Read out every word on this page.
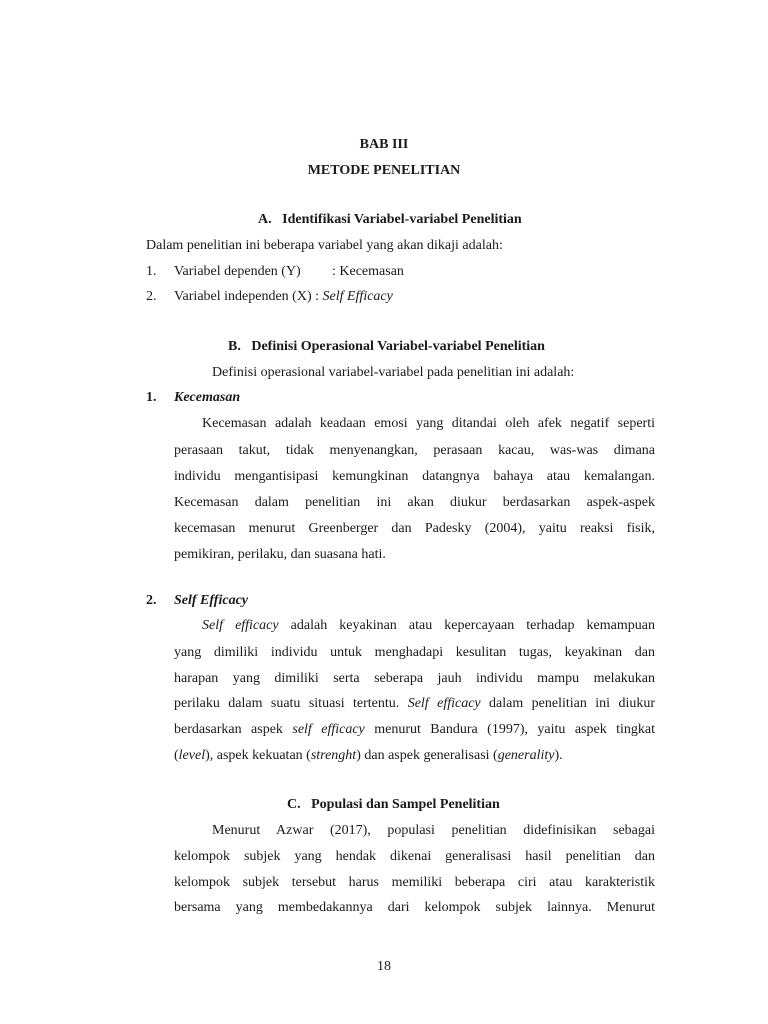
BAB III
METODE PENELITIAN
A. Identifikasi Variabel-variabel Penelitian
Dalam penelitian ini beberapa variabel yang akan dikaji adalah:
1. Variabel dependen (Y) : Kecemasan
2. Variabel independen (X) : Self Efficacy
B. Definisi Operasional Variabel-variabel Penelitian
Definisi operasional variabel-variabel pada penelitian ini adalah:
1. Kecemasan
Kecemasan adalah keadaan emosi yang ditandai oleh afek negatif seperti
perasaan takut, tidak menyenangkan, perasaan kacau, was-was dimana
individu mengantisipasi kemungkinan datangnya bahaya atau kemalangan.
Kecemasan dalam penelitian ini akan diukur berdasarkan aspek-aspek
kecemasan menurut Greenberger dan Padesky (2004), yaitu reaksi fisik,
pemikiran, perilaku, dan suasana hati.
2. Self Efficacy
Self efficacy adalah keyakinan atau kepercayaan terhadap kemampuan
yang dimiliki individu untuk menghadapi kesulitan tugas, keyakinan dan
harapan yang dimiliki serta seberapa jauh individu mampu melakukan
perilaku dalam suatu situasi tertentu. Self efficacy dalam penelitian ini diukur
berdasarkan aspek self efficacy menurut Bandura (1997), yaitu aspek tingkat
(level), aspek kekuatan (strenght) dan aspek generalisasi (generality).
C. Populasi dan Sampel Penelitian
Menurut Azwar (2017), populasi penelitian didefinisikan sebagai
kelompok subjek yang hendak dikenai generalisasi hasil penelitian dan
kelompok subjek tersebut harus memiliki beberapa ciri atau karakteristik
bersama yang membedakannya dari kelompok subjek lainnya. Menurut
18
